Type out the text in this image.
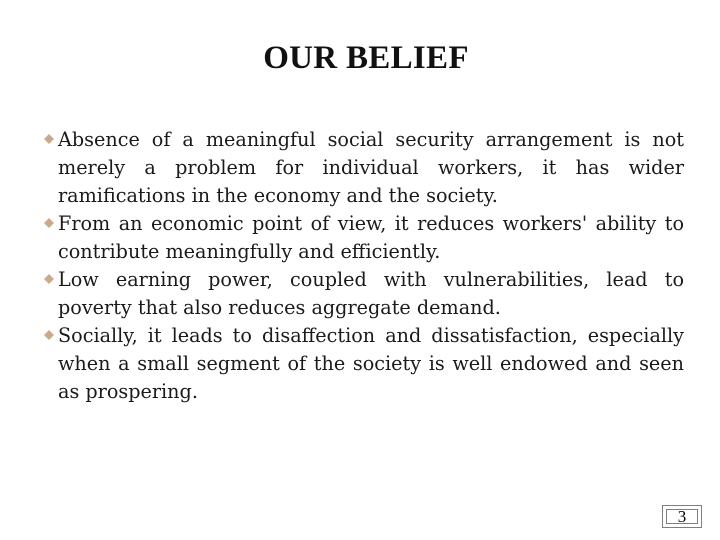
OUR BELIEF
Absence of a meaningful social security arrangement is not merely a problem for individual workers, it has wider ramifications in the economy and the society.
From an economic point of view, it reduces workers' ability to contribute meaningfully and efficiently.
Low earning power, coupled with vulnerabilities, lead to poverty that also reduces aggregate demand.
Socially, it leads to disaffection and dissatisfaction, especially when a small segment of the society is well endowed and seen as prospering.
3
